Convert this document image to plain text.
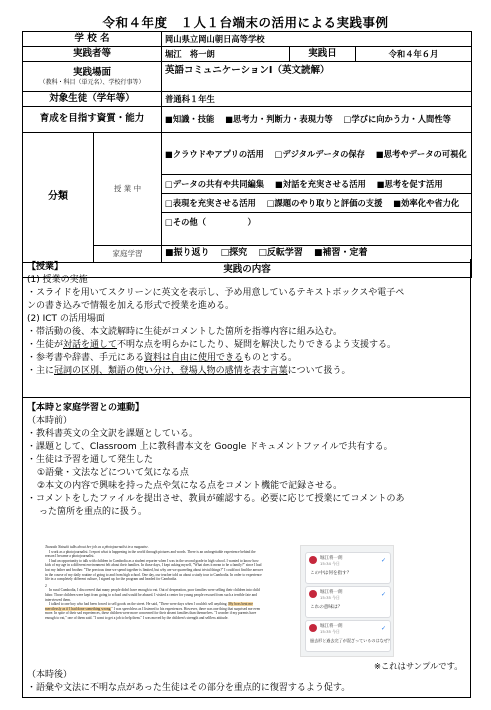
令和４年度　１人１台端末の活用による実践事例
学 校 名		岡山県立岡山朝日高等学校		
実践者等		堀江　将一朗	実践日	令和４年６月
実践場面
（教科・科目（単元名）、学校行事等）		英語コミュニケーションⅠ（英文読解）		
対象生徒（学年等）		普通科１年生		
育成を目指す資質・能力		■知識・技能 ■思考力・判断力・表現力等 □学びに向かう力・人間性等		
分類	授 業 中	■クラウドやアプリの活用 □デジタルデータの保存 ■思考やデータの可視化
□データの共有や共同編集 ■対話を充実させる活用 ■思考を促す活用
□表現を充実させる活用 □課題のやり取りと評価の支援 ■効率化や省力化
□その他（　　　　　）		

	家庭学習	■振り返り □探究 □反転学習 ■補習・定着		
実践の内容				
【授業】
(1) 授業の実施
・スライドを用いてスクリーンに英文を表示し、予め用意しているテキストボックスや電子ペ
ンの書き込みで情報を加える形式で授業を進める。
(2) ICT の活用場面
・帯活動の後、本文読解時に生徒がコメントした箇所を指導内容に組み込む。
・生徒が対話を通して不明な点を明らかにしたり、疑問を解決したりできるよう支援する。
・参考書や辞書、手元にある資料は自由に使用できるものとする。
・主に冠詞の区別、類語の使い分け、登場人物の感情を表す言葉について扱う。
【本時と家庭学習との連動】
（本時前）
・教科書英文の全文訳を課題としている。
・課題として、Classroom 上に教科書本文を Google ドキュメントファイルで共有する。
・生徒は予習を通して発生した
①語彙・文法などについて気になる点
②本文の内容で興味を持った点や気になる点をコメント機能で記録させる。
・コメントをしたファイルを提出させ、教員が確認する。必要に応じて授業にてコメントのあ
った箇所を重点的に扱う。
（本時後）
・語彙や文法に不明な点があった生徒はその部分を重点的に復習するよう促す。

Tsunoda Natsuki talks about her job as a photojournalist in a magazine.

I work as a photojournalist. I report what is happening in the world through pictures and words. There is an unforgettable experience behind the reason I became a photojournalist.

I had an opportunity to talk with children in Cambodia as a student reporter when I was in the second grade in high school. I wanted to know how kids of my age in a different environment felt about their families. In those days, I kept asking myself, "What does it mean to be a family?" since I had lost my father and brother. "The precious time we spend together is limited, but why are we quarreling about trivial things?" I could not find the answer in the course of my daily routine of going to and from high school. One day, our teacher told us about a study tour to Cambodia. In order to experience life in a completely different culture, I signed up for the program and headed for Cambodia.

2

In rural Cambodia, I discovered that many people didn't have enough to eat. Out of desperation, poor families were selling their children into child labor. Those children were kept from going to school and would be abused. I visited a center for young people rescued from such a terrible fate and interviewed them.

I talked to one boy who had been forced to sell goods on the street. He said, "There were days when I couldn't sell anything. My boss beat me mercilessly as if I had done something wrong." I was speechless as I listened to his experiences. However, there was one thing that surprised me even more. In spite of their sad experiences, these children were more concerned for their absent families than themselves. "I wonder if my parents have enough to eat," one of them said. "I want to get a job to help them." I was moved by the children's strength and selfless attitude.

堀江将一朗
15:34 今日	✓
この中は何を指す？
堀江将一朗
15:35 今日	✓
これの意味は？
堀江将一朗
15:35 今日	✓
過去形と過去完了が混ざっているのはなぜ？
※これはサンプルです。
